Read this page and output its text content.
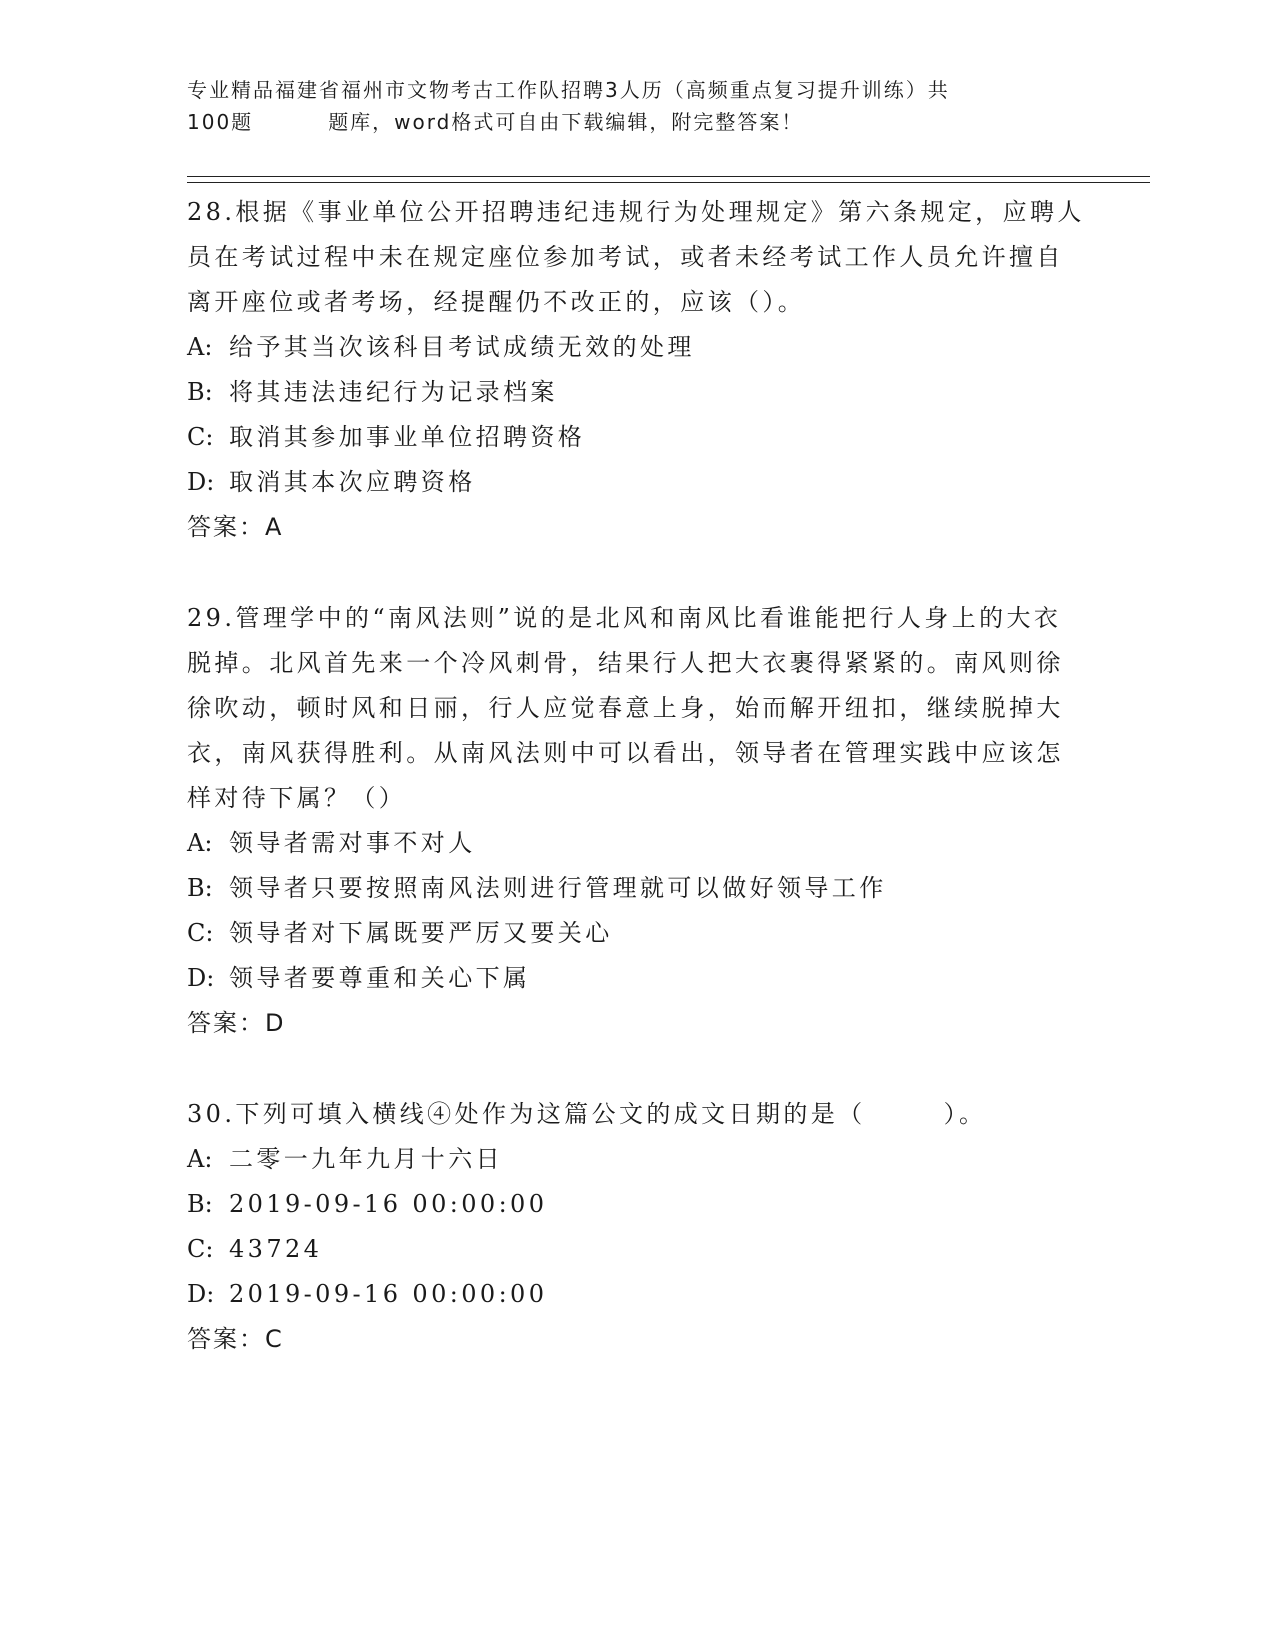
专业精品福建省福州市文物考古工作队招聘3人历（高频重点复习提升训练）共
100题	题库，word格式可自由下载编辑，附完整答案！

28.根据《事业单位公开招聘违纪违规行为处理规定》第六条规定，应聘人员在考试过程中未在规定座位参加考试，或者未经考试工作人员允许擅自离开座位或者考场，经提醒仍不改正的，应该（）。

A: 给予其当次该科目考试成绩无效的处理
B: 将其违法违纪行为记录档案
C: 取消其参加事业单位招聘资格
D: 取消其本次应聘资格
答案：A

29.管理学中的“南风法则”说的是北风和南风比看谁能把行人身上的大衣脱掉。北风首先来一个冷风刺骨，结果行人把大衣裹得紧紧的。南风则徐徐吹动，顿时风和日丽，行人应觉春意上身，始而解开纽扣，继续脱掉大衣，南风获得胜利。从南风法则中可以看出，领导者在管理实践中应该怎样对待下属？（）

A: 领导者需对事不对人
B: 领导者只要按照南风法则进行管理就可以做好领导工作
C: 领导者对下属既要严厉又要关心
D: 领导者要尊重和关心下属
答案：D

30.下列可填入横线④处作为这篇公文的成文日期的是（	）。

A: 二零一九年九月十六日
B: 2019-09-16 00:00:00
C: 43724
D: 2019-09-16 00:00:00
答案：C
